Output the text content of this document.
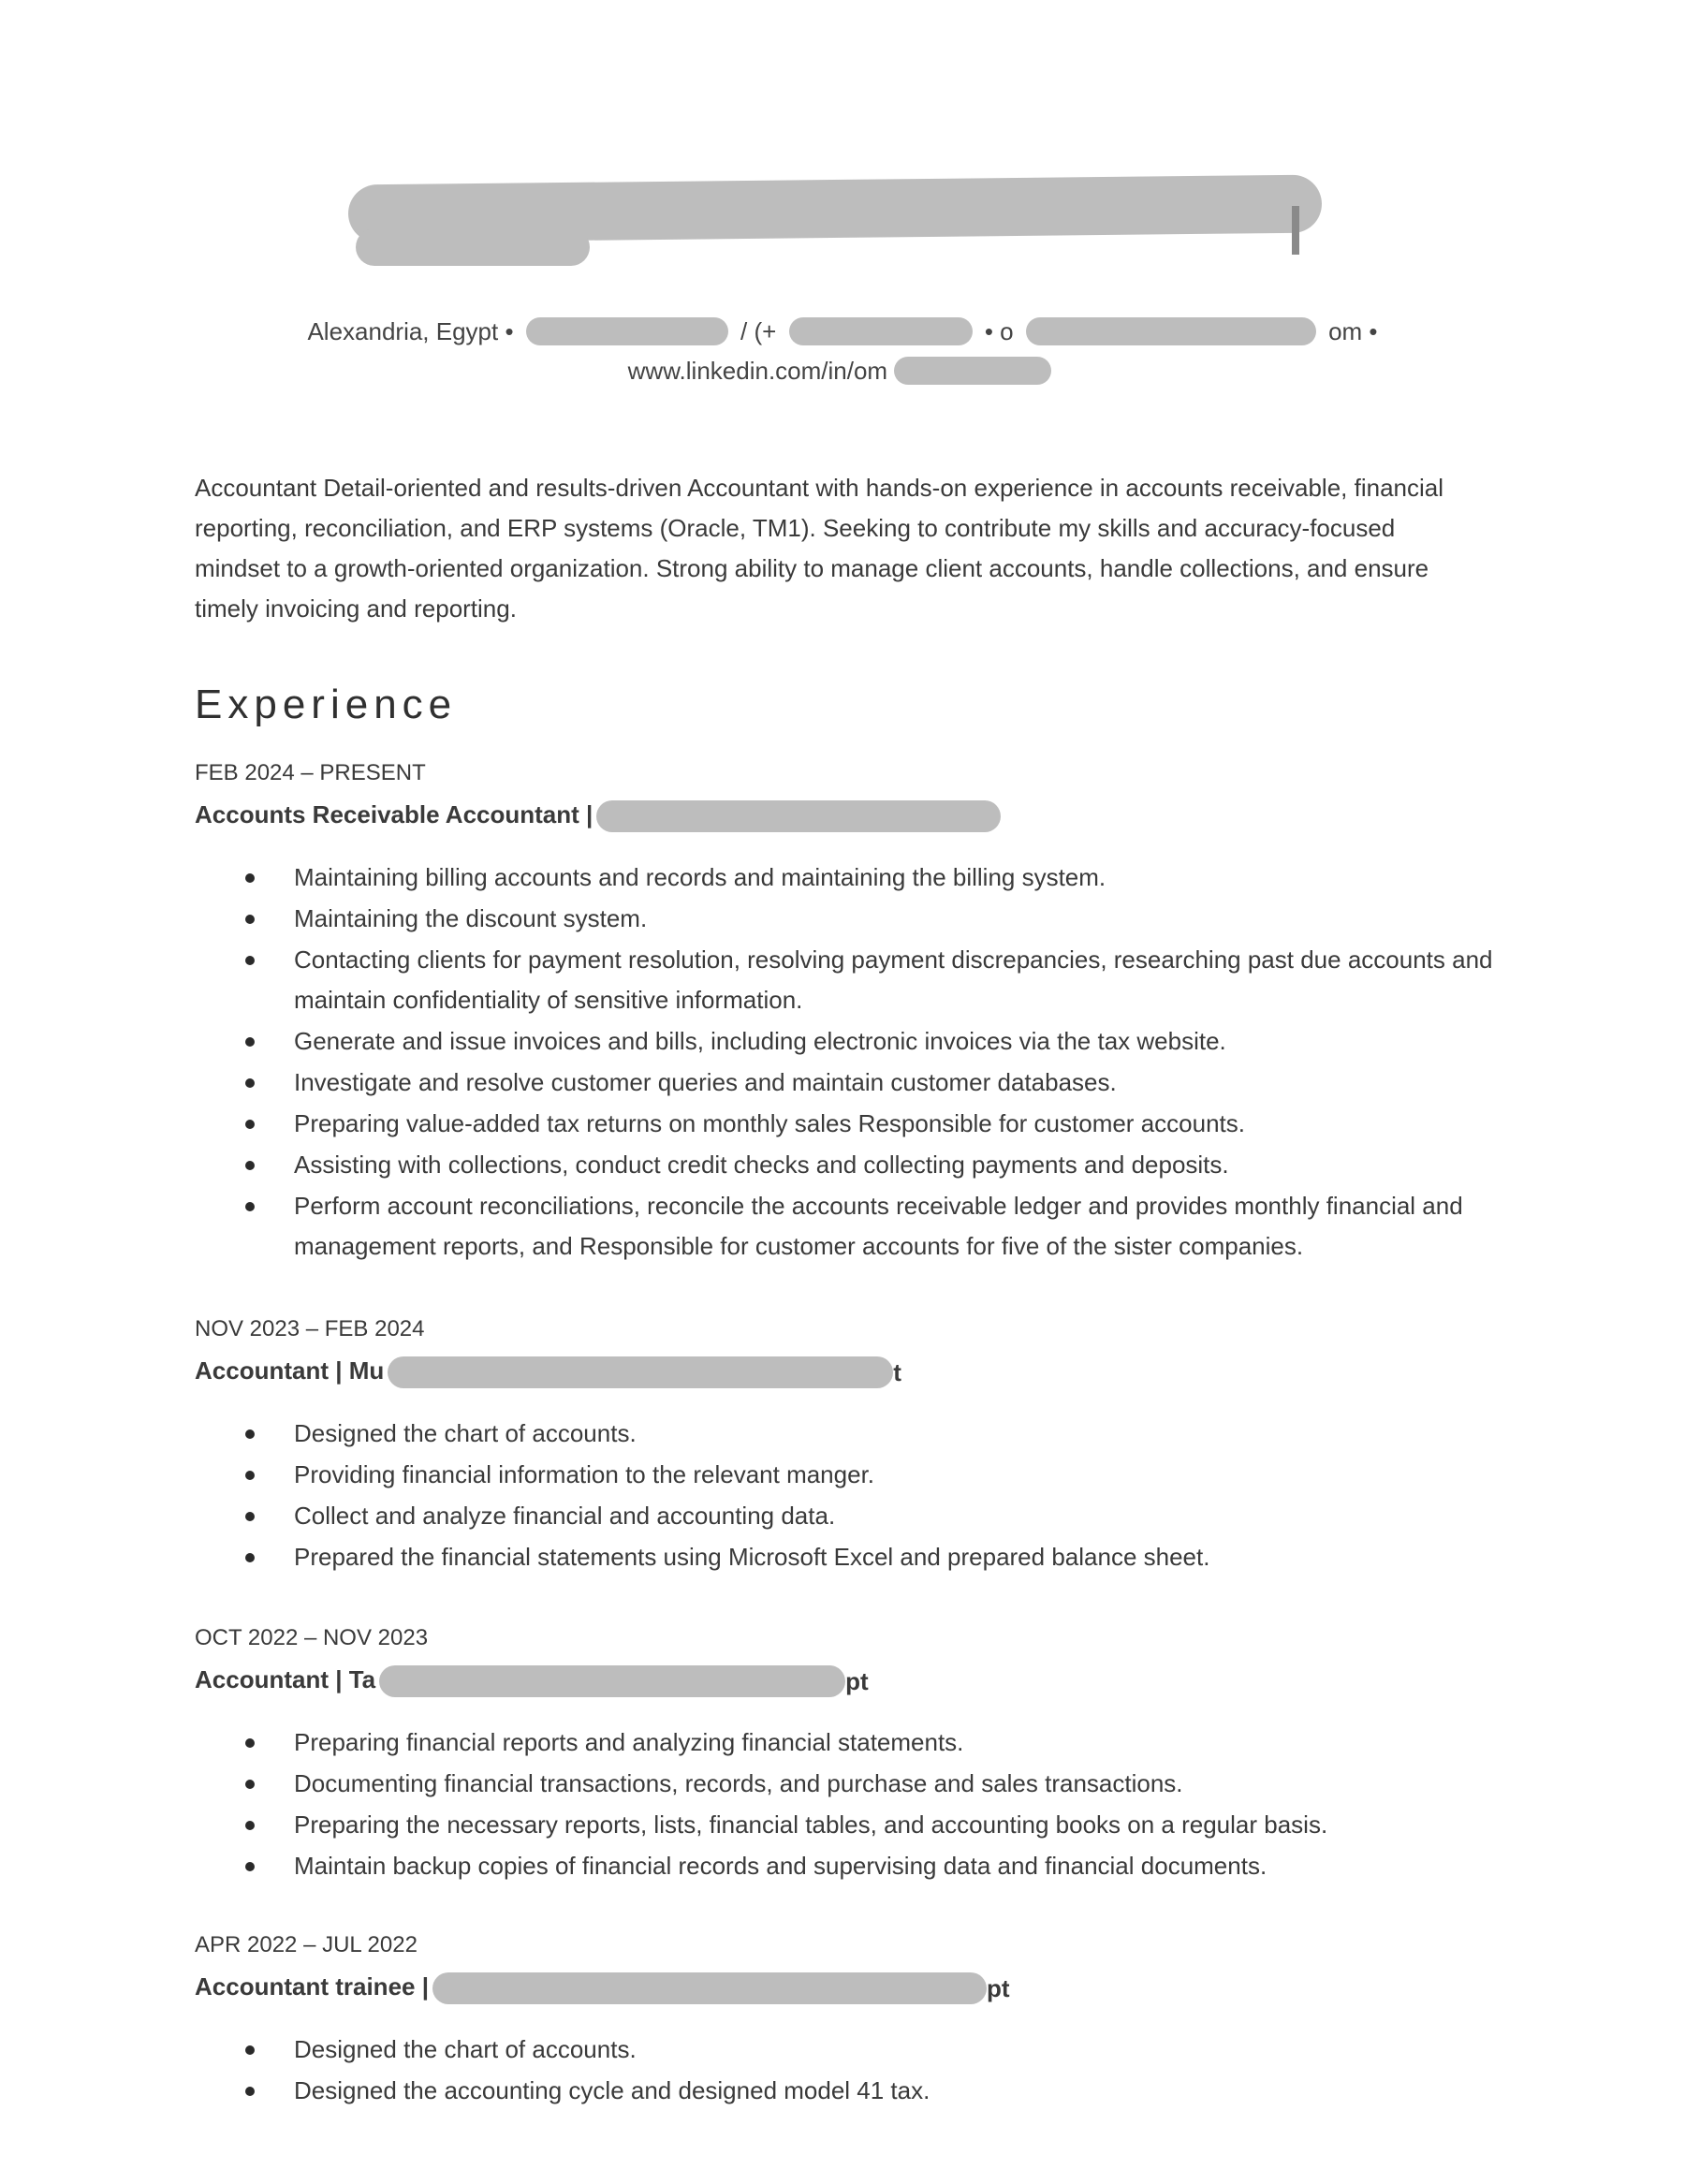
Alexandria, Egypt •	/ (+	• o	om •
www.linkedin.com/in/om
Accountant Detail-oriented and results-driven Accountant with hands-on experience in accounts receivable, financial reporting, reconciliation, and ERP systems (Oracle, TM1). Seeking to contribute my skills and accuracy-focused mindset to a growth-oriented organization. Strong ability to manage client accounts, handle collections, and ensure timely invoicing and reporting.
Experience
FEB 2024 – PRESENT
Accounts Receivable Accountant |
Maintaining billing accounts and records and maintaining the billing system.
Maintaining the discount system.
Contacting clients for payment resolution, resolving payment discrepancies, researching past due accounts and maintain confidentiality of sensitive information.
Generate and issue invoices and bills, including electronic invoices via the tax website.
Investigate and resolve customer queries and maintain customer databases.
Preparing value-added tax returns on monthly sales Responsible for customer accounts.
Assisting with collections, conduct credit checks and collecting payments and deposits.
Perform account reconciliations, reconcile the accounts receivable ledger and provides monthly financial and management reports, and Responsible for customer accounts for five of the sister companies.
NOV 2023 – FEB 2024
Accountant | Mu	t
Designed the chart of accounts.
Providing financial information to the relevant manger.
Collect and analyze financial and accounting data.
Prepared the financial statements using Microsoft Excel and prepared balance sheet.
OCT 2022 – NOV 2023
Accountant | Ta	pt
Preparing financial reports and analyzing financial statements.
Documenting financial transactions, records, and purchase and sales transactions.
Preparing the necessary reports, lists, financial tables, and accounting books on a regular basis.
Maintain backup copies of financial records and supervising data and financial documents.
APR 2022 – JUL 2022
Accountant trainee |	pt
Designed the chart of accounts.
Designed the accounting cycle and designed model 41 tax.
